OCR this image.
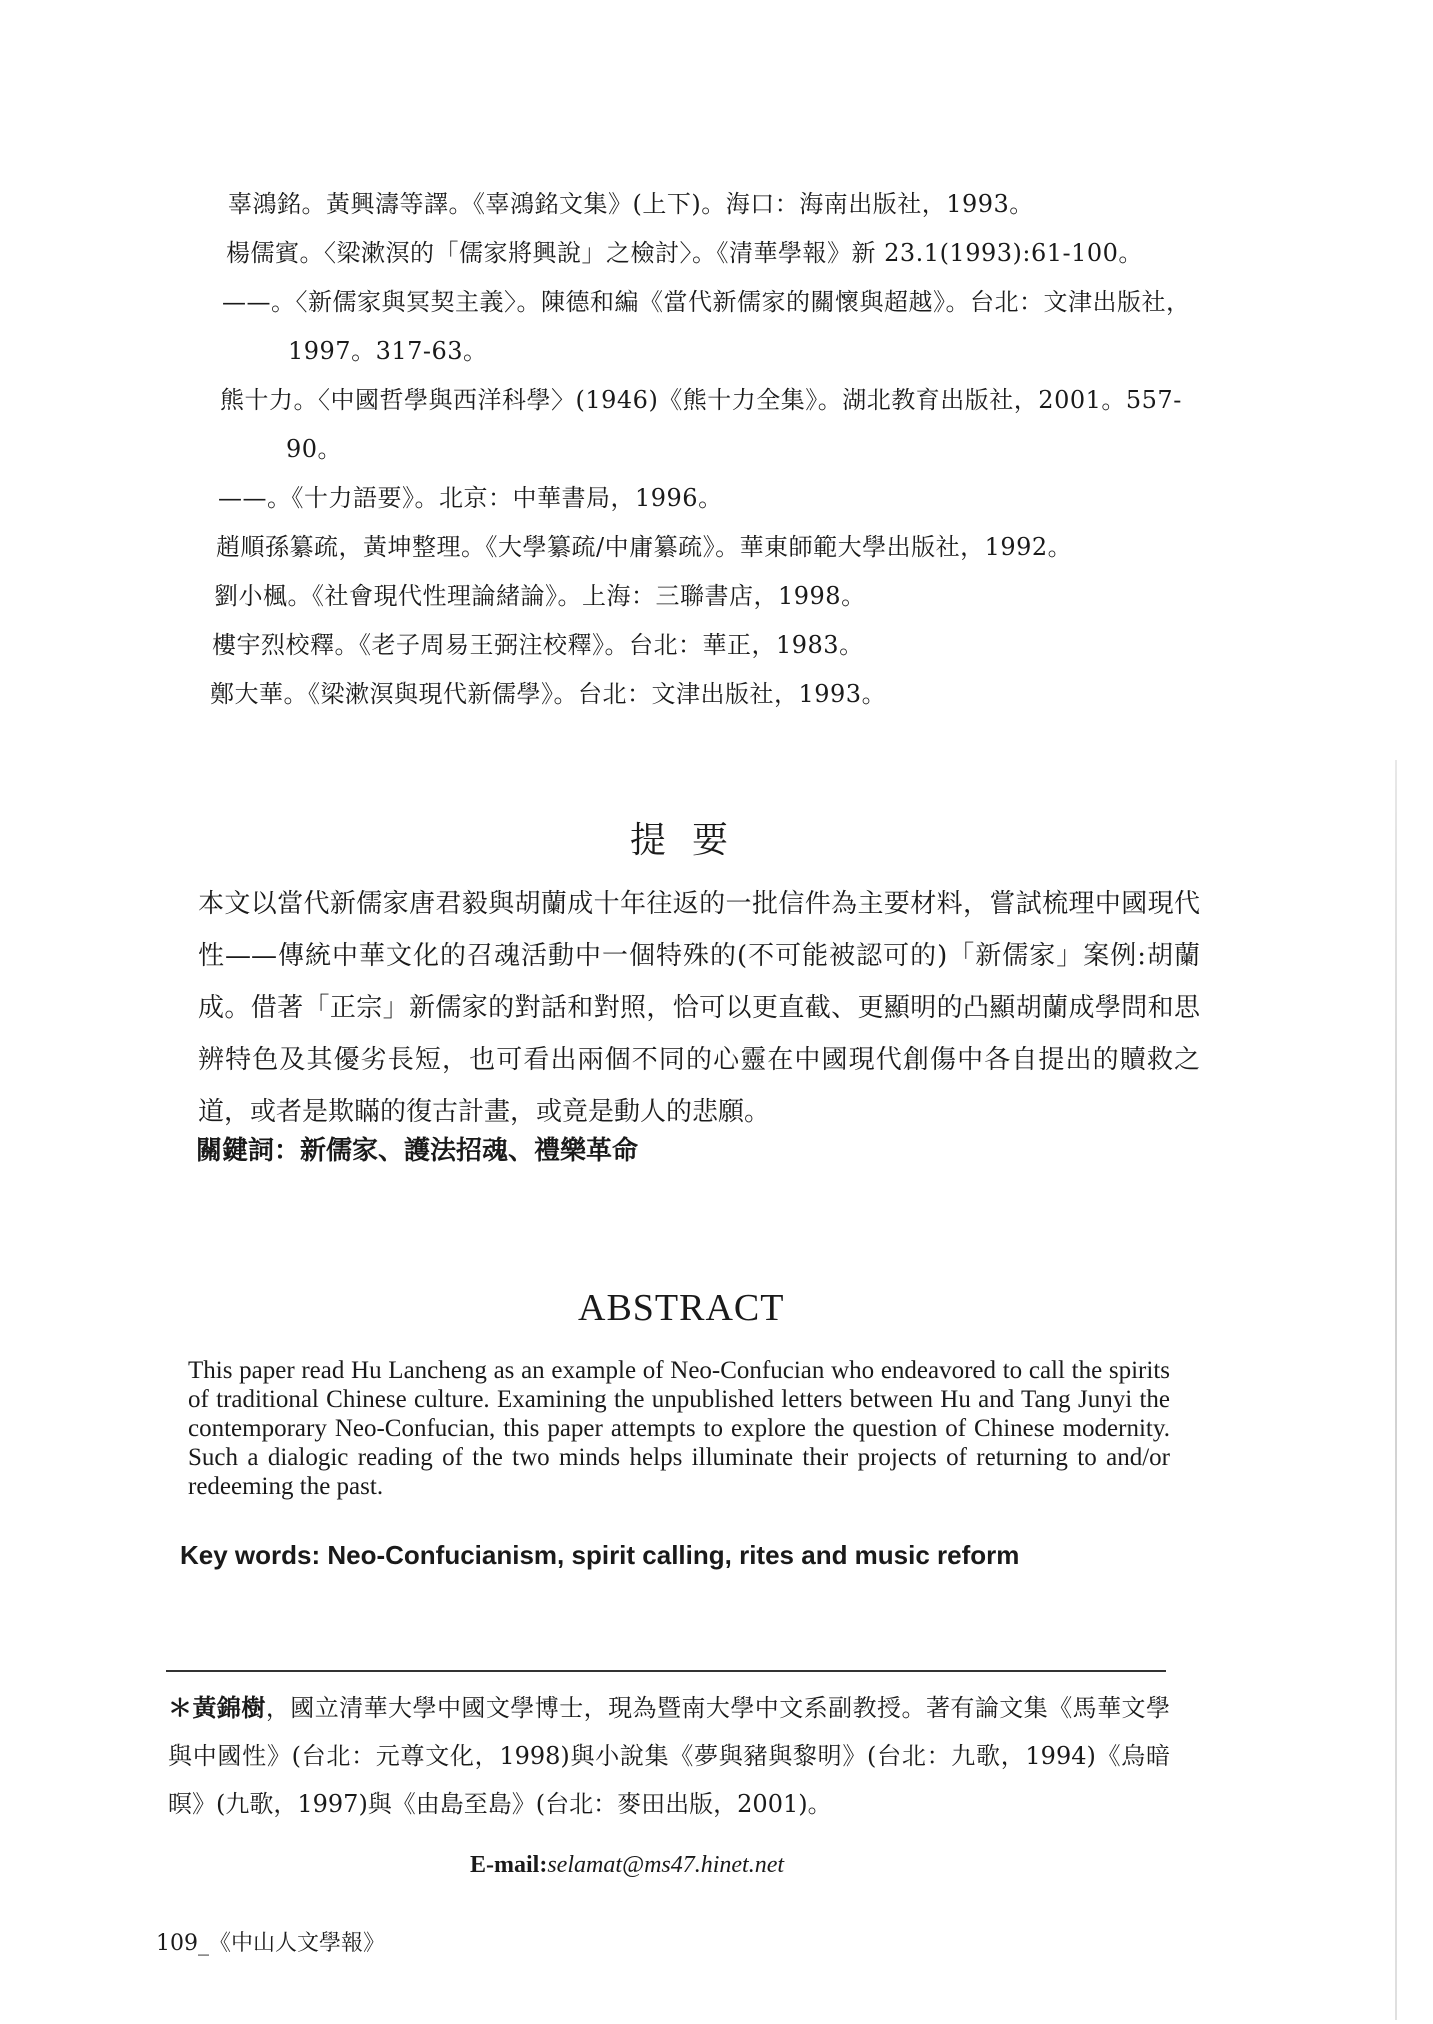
辜鴻銘。黃興濤等譯。《辜鴻銘文集》(上下)。海口：海南出版社，1993。
楊儒賓。〈梁漱溟的「儒家將興說」之檢討〉。《清華學報》新 23.1(1993):61-100。
——。〈新儒家與冥契主義〉。陳德和編《當代新儒家的關懷與超越》。台北：文津出版社，1997。317-63。
熊十力。〈中國哲學與西洋科學〉(1946)《熊十力全集》。湖北教育出版社，2001。557-90。
——。《十力語要》。北京：中華書局，1996。
趙順孫纂疏，黃坤整理。《大學纂疏/中庸纂疏》。華東師範大學出版社，1992。
劉小楓。《社會現代性理論緒論》。上海：三聯書店，1998。
樓宇烈校釋。《老子周易王弼注校釋》。台北：華正，1983。
鄭大華。《梁漱溟與現代新儒學》。台北：文津出版社，1993。
提要
本文以當代新儒家唐君毅與胡蘭成十年往返的一批信件為主要材料，嘗試梳理中國現代性——傳統中華文化的召魂活動中一個特殊的(不可能被認可的)「新儒家」案例:胡蘭成。借著「正宗」新儒家的對話和對照，恰可以更直截、更顯明的凸顯胡蘭成學問和思辨特色及其優劣長短，也可看出兩個不同的心靈在中國現代創傷中各自提出的贖救之道，或者是欺瞞的復古計畫，或竟是動人的悲願。
關鍵詞：新儒家、護法招魂、禮樂革命
ABSTRACT
This paper read Hu Lancheng as an example of Neo-Confucian who endeavored to call the spirits of traditional Chinese culture. Examining the unpublished letters between Hu and Tang Junyi the contemporary Neo-Confucian, this paper attempts to explore the question of Chinese modernity. Such a dialogic reading of the two minds helps illuminate their projects of returning to and/or redeeming the past.
Key words: Neo-Confucianism, spirit calling, rites and music reform
＊黃錦樹，國立清華大學中國文學博士，現為暨南大學中文系副教授。著有論文集《馬華文學與中國性》(台北：元尊文化，1998)與小說集《夢與豬與黎明》(台北：九歌，1994)《烏暗暝》(九歌，1997)與《由島至島》(台北：麥田出版，2001)。
E-mail:selamat@ms47.hinet.net
109_《中山人文學報》
